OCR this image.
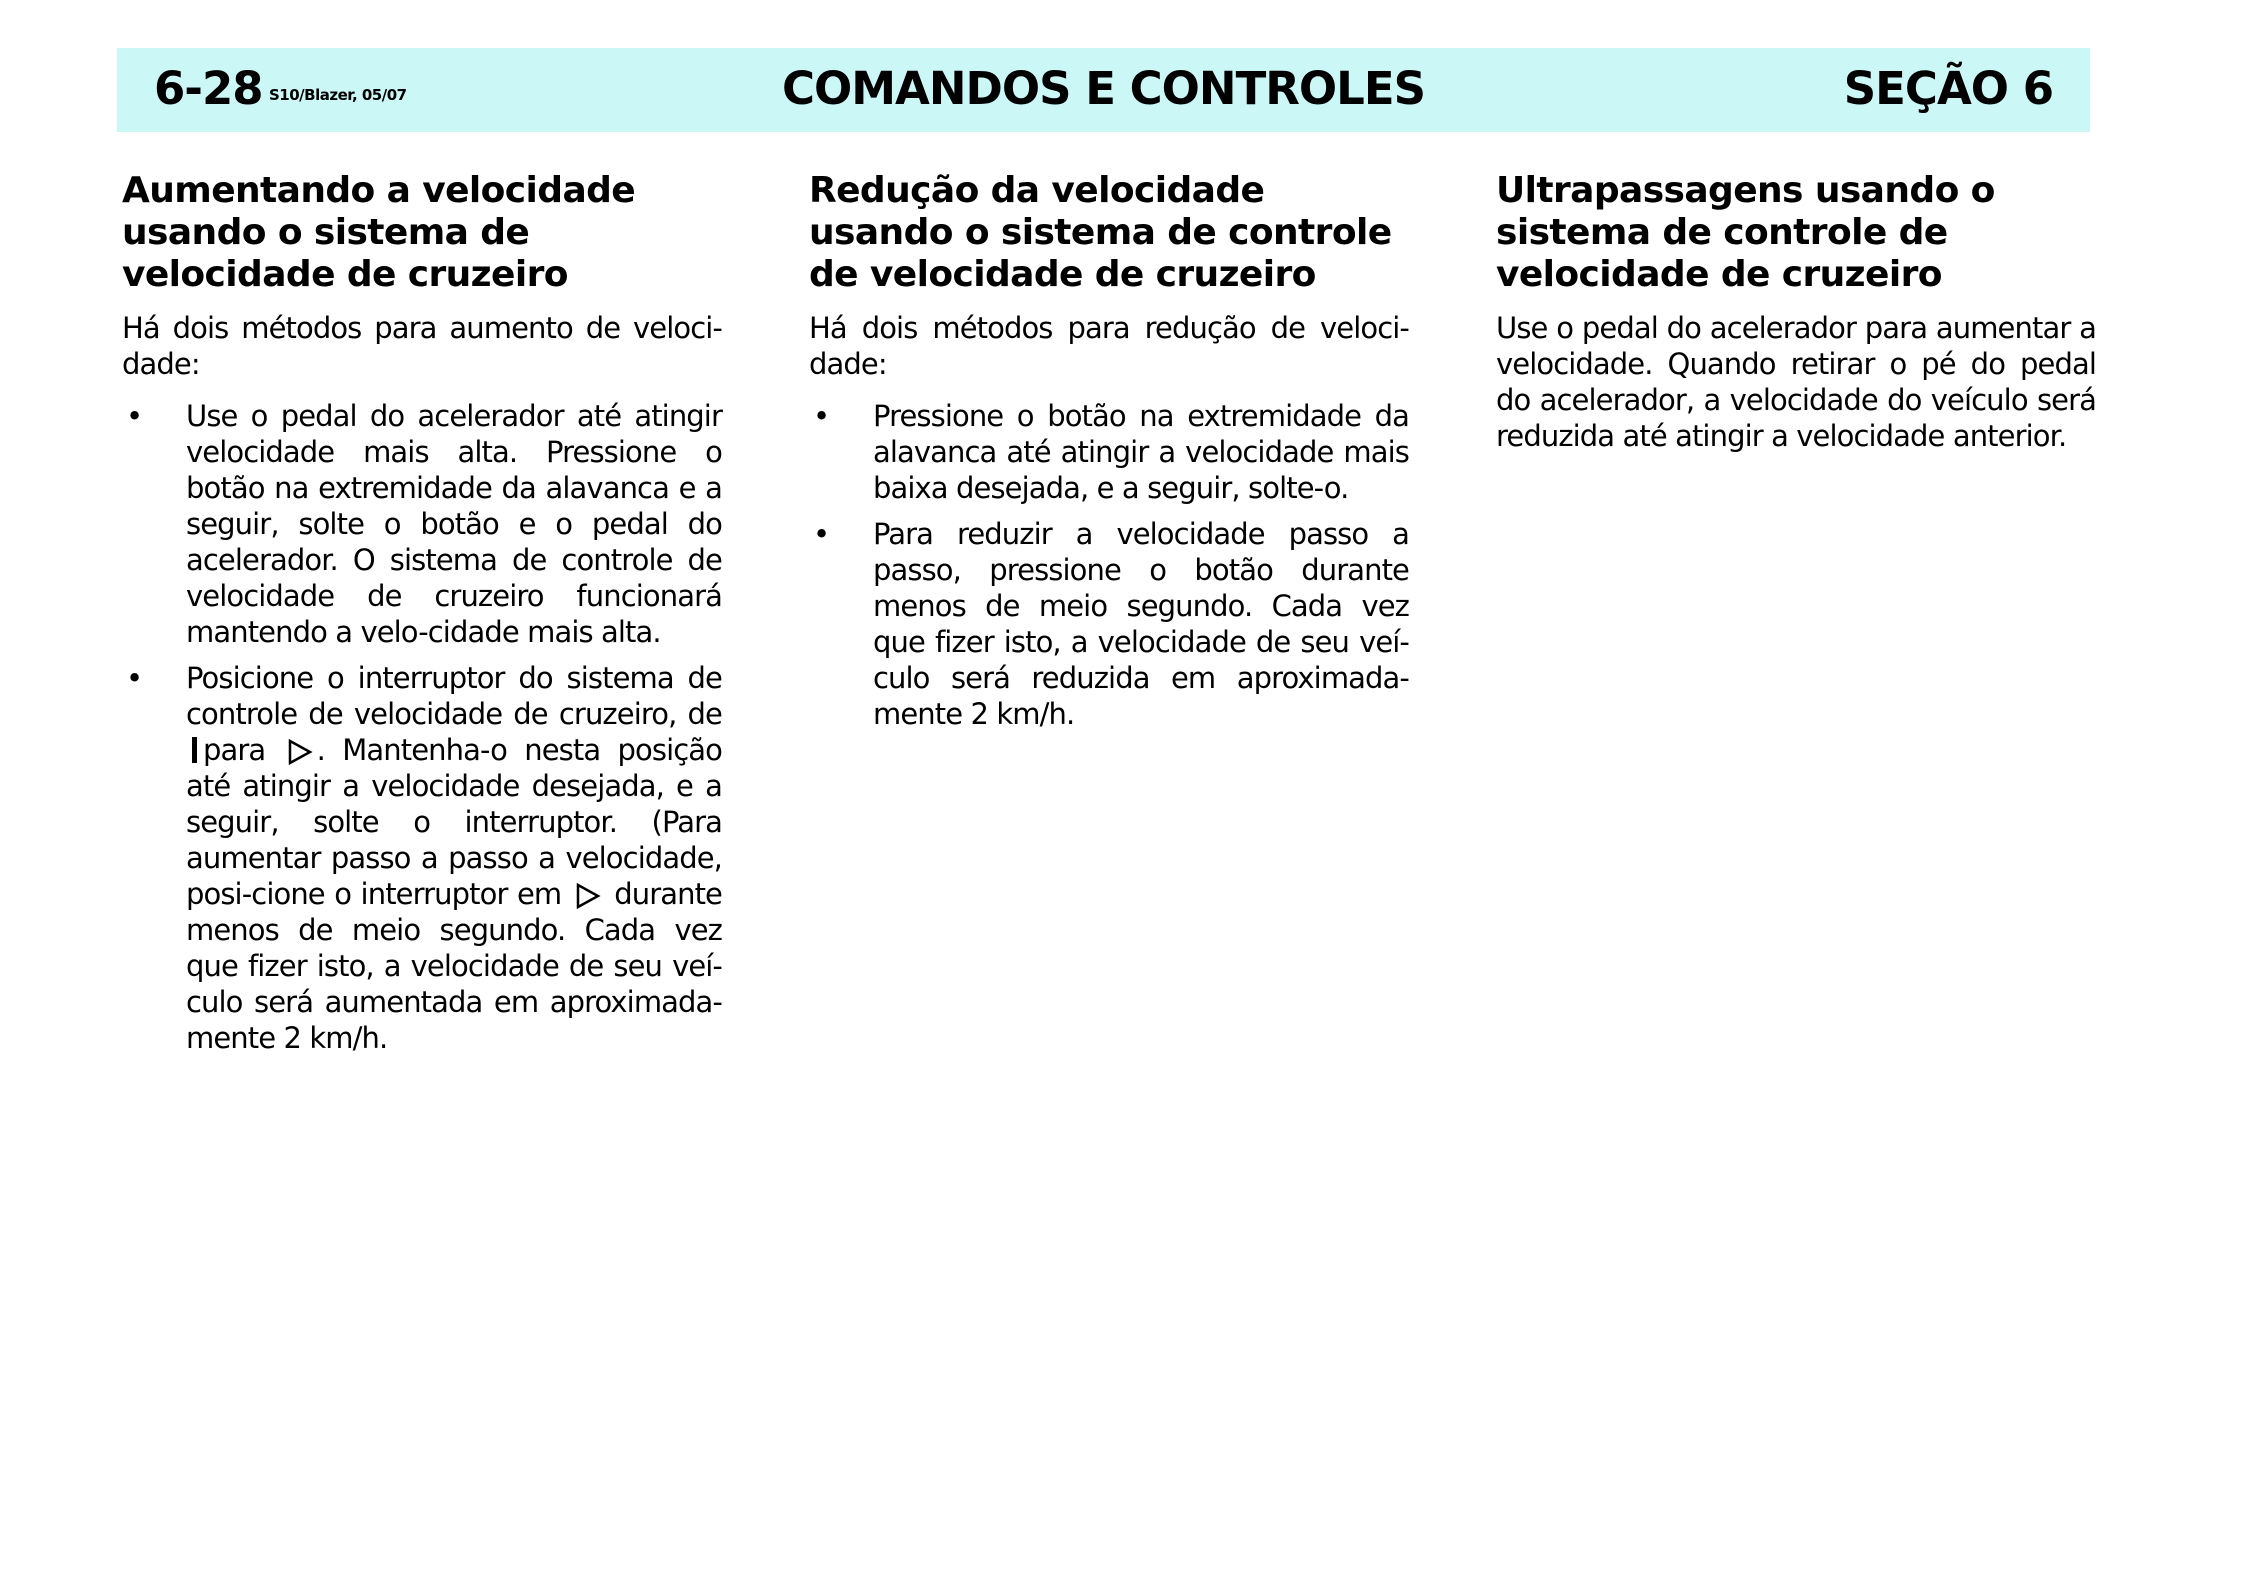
6-28 S10/Blazer, 05/07	COMANDOS E CONTROLES	SEÇÃO 6
Aumentando a velocidade usando o sistema de velocidade de cruzeiro

Há dois métodos para aumento de veloci-dade:

• Use o pedal do acelerador até atingir velocidade mais alta. Pressione o botão na extremidade da alavanca e a seguir, solte o botão e o pedal do acelerador. O sistema de controle de velocidade de cruzeiro funcionará mantendo a velo-cidade mais alta.
• Posicione o interruptor do sistema de controle de velocidade de cruzeiro, de para . Mantenha-o nesta posição até atingir a velocidade desejada, e a seguir, solte o interruptor. (Para aumentar passo a passo a velocidade, posi-cione o interruptor em durante menos de meio segundo. Cada vez que fizer isto, a velocidade de seu veí-culo será aumentada em aproximada-mente 2 km/h.
Redução da velocidade usando o sistema de controle de velocidade de cruzeiro

Há dois métodos para redução de veloci-dade:

• Pressione o botão na extremidade da alavanca até atingir a velocidade mais baixa desejada, e a seguir, solte-o.
• Para reduzir a velocidade passo a passo, pressione o botão durante menos de meio segundo. Cada vez que fizer isto, a velocidade de seu veí-culo será reduzida em aproximada-mente 2 km/h.
Ultrapassagens usando o sistema de controle de velocidade de cruzeiro

Use o pedal do acelerador para aumentar a velocidade. Quando retirar o pé do pedal do acelerador, a velocidade do veículo será reduzida até atingir a velocidade anterior.
